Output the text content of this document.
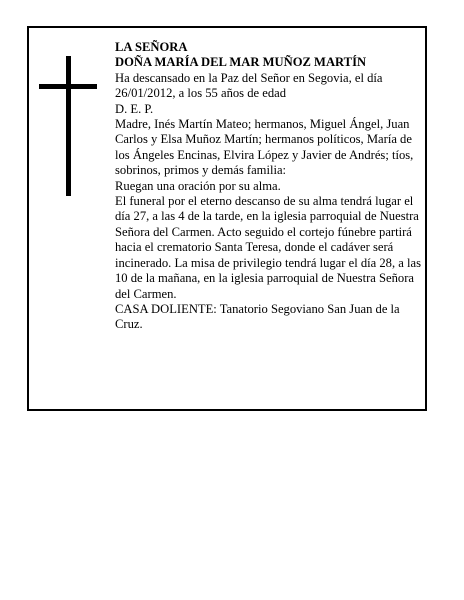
LA SEÑORA

DOÑA MARÍA DEL MAR MUÑOZ MARTÍN

Ha descansado en la Paz del Señor en Segovia, el día 26/01/2012, a los 55 años de edad

D. E. P.

Madre, Inés Martín Mateo; hermanos, Miguel Ángel, Juan Carlos y Elsa Muñoz Martín; hermanos políticos, María de los Ángeles Encinas, Elvira López y Javier de Andrés; tíos, sobrinos, primos y demás familia:

Ruegan una oración por su alma.

El funeral por el eterno descanso de su alma tendrá lugar el día 27, a las 4 de la tarde, en la iglesia parroquial de Nuestra Señora del Carmen. Acto seguido el cortejo fúnebre partirá hacia el crematorio Santa Teresa, donde el cadáver será incinerado. La misa de privilegio tendrá lugar el día 28, a las 10 de la mañana, en la iglesia parroquial de Nuestra Señora del Carmen.

CASA DOLIENTE: Tanatorio Segoviano San Juan de la Cruz.
